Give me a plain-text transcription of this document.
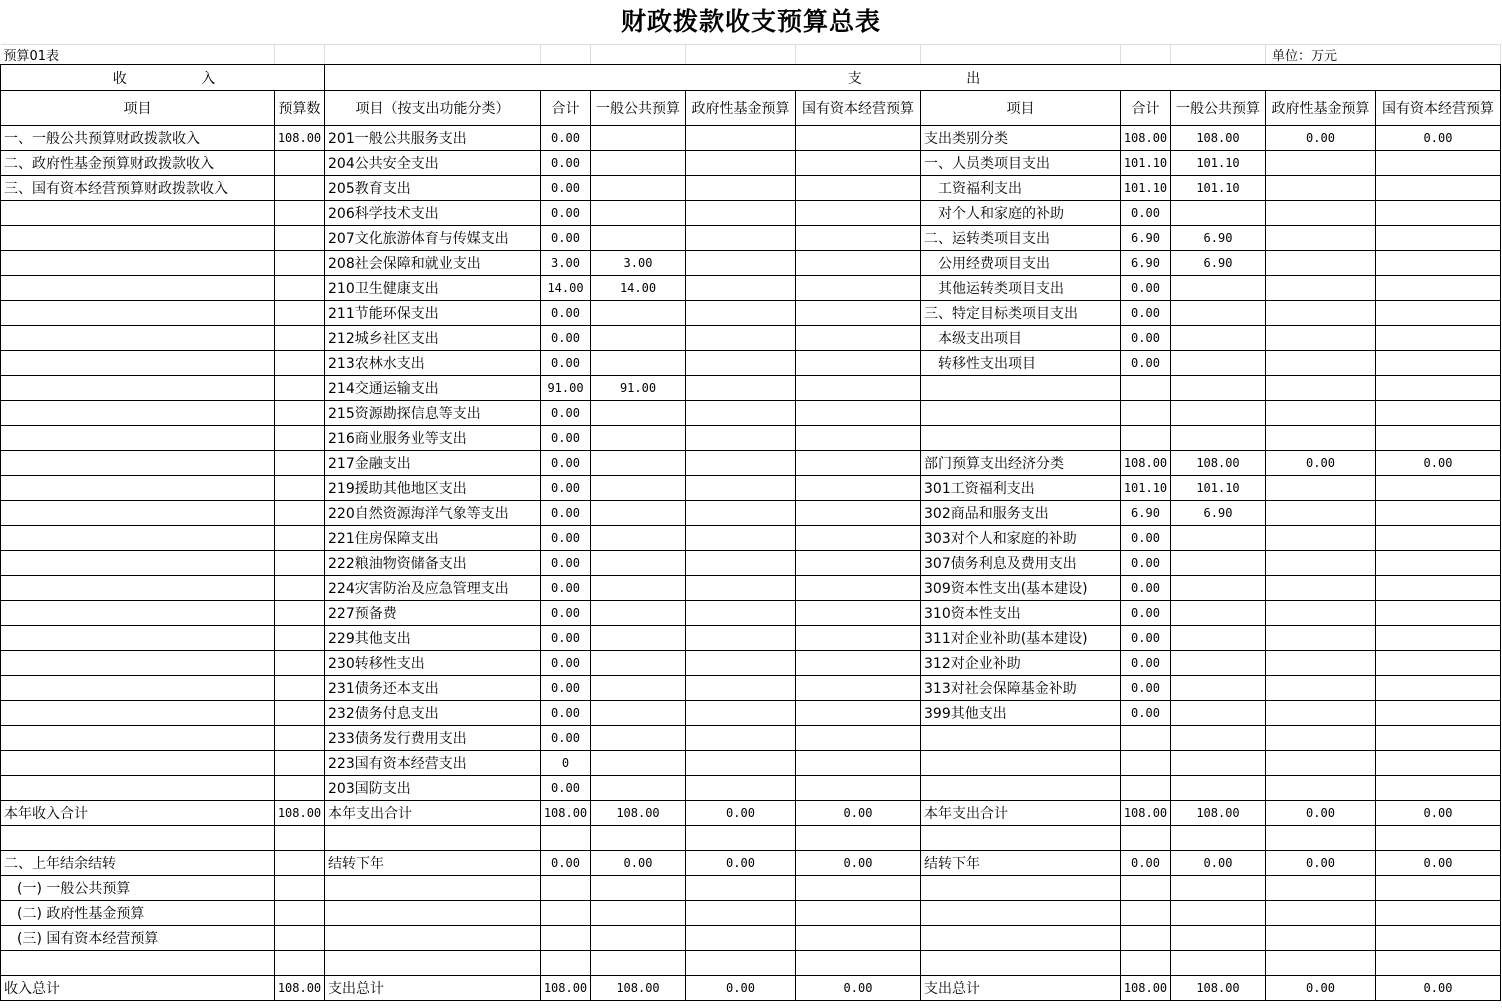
财政拨款收支预算总表
预算01表										单位：万元	
收 入		支 出									
项目	预算数	项目（按支出功能分类）	合计	一般公共预算	政府性基金预算	国有资本经营预算	项目	合计	一般公共预算	政府性基金预算	国有资本经营预算
一、一般公共预算财政拨款收入	108.00	201一般公共服务支出	0.00				支出类别分类	108.00	108.00	0.00	0.00
二、政府性基金预算财政拨款收入		204公共安全支出	0.00				一、人员类项目支出	101.10	101.10		
三、国有资本经营预算财政拨款收入		205教育支出	0.00				工资福利支出	101.10	101.10		
		206科学技术支出	0.00				对个人和家庭的补助	0.00			
		207文化旅游体育与传媒支出	0.00				二、运转类项目支出	6.90	6.90		
		208社会保障和就业支出	3.00	3.00			公用经费项目支出	6.90	6.90		
		210卫生健康支出	14.00	14.00			其他运转类项目支出	0.00			
		211节能环保支出	0.00				三、特定目标类项目支出	0.00			
		212城乡社区支出	0.00				本级支出项目	0.00			
		213农林水支出	0.00				转移性支出项目	0.00			
		214交通运输支出	91.00	91.00							
		215资源勘探信息等支出	0.00								
		216商业服务业等支出	0.00								
		217金融支出	0.00				部门预算支出经济分类	108.00	108.00	0.00	0.00
		219援助其他地区支出	0.00				301工资福利支出	101.10	101.10		
		220自然资源海洋气象等支出	0.00				302商品和服务支出	6.90	6.90		
		221住房保障支出	0.00				303对个人和家庭的补助	0.00			
		222粮油物资储备支出	0.00				307债务利息及费用支出	0.00			
		224灾害防治及应急管理支出	0.00				309资本性支出(基本建设)	0.00			
		227预备费	0.00				310资本性支出	0.00			
		229其他支出	0.00				311对企业补助(基本建设)	0.00			
		230转移性支出	0.00				312对企业补助	0.00			
		231债务还本支出	0.00				313对社会保障基金补助	0.00			
		232债务付息支出	0.00				399其他支出	0.00			
		233债务发行费用支出	0.00								
		223国有资本经营支出	0								
		203国防支出	0.00								
本年收入合计	108.00	本年支出合计	108.00	108.00	0.00	0.00	本年支出合计	108.00	108.00	0.00	0.00

二、上年结余结转		结转下年	0.00	0.00	0.00	0.00	结转下年	0.00	0.00	0.00	0.00
(一) 一般公共预算											
(二) 政府性基金预算											
(三) 国有资本经营预算											

收入总计	108.00	支出总计	108.00	108.00	0.00	0.00	支出总计	108.00	108.00	0.00	0.00
